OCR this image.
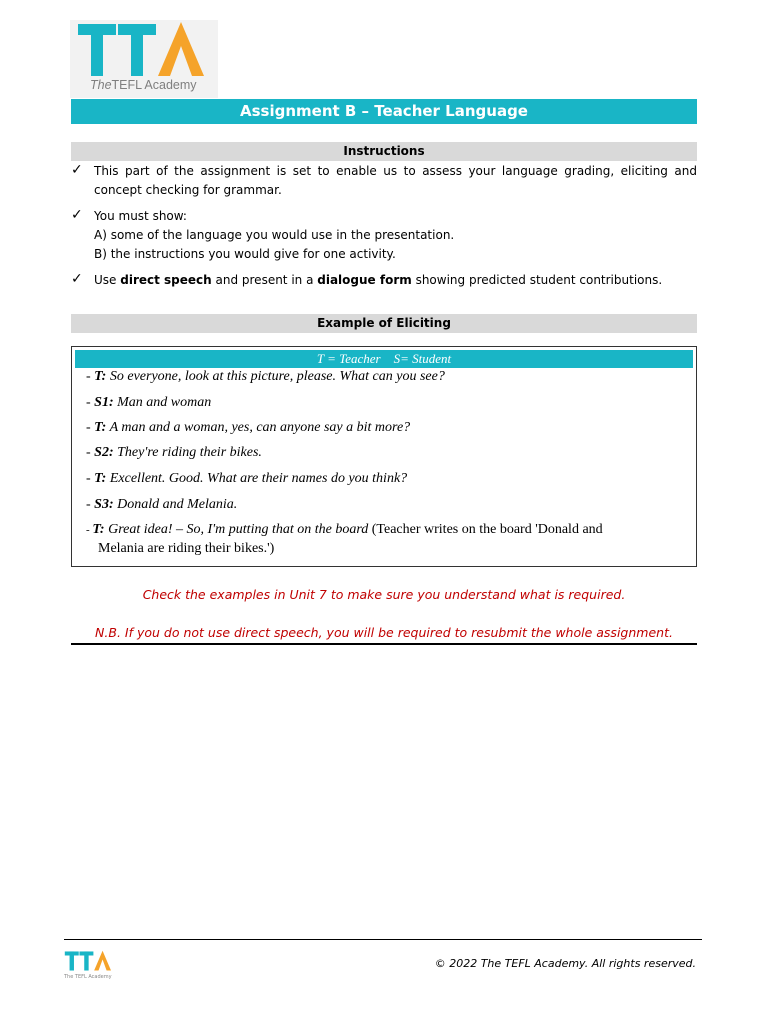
TheTEFL Academy
Assignment B – Teacher Language
Instructions
✓ This part of the assignment is set to enable us to assess your language grading, eliciting and concept checking for grammar.
✓ You must show:
A) some of the language you would use in the presentation.
B) the instructions you would give for one activity.
✓ Use direct speech and present in a dialogue form showing predicted student contributions.
Example of Eliciting
T = Teacher    S= Student
- T: So everyone, look at this picture, please. What can you see?
- S1: Man and woman
- T: A man and a woman, yes, can anyone say a bit more?
- S2: They're riding their bikes.
- T: Excellent. Good. What are their names do you think?
- S3: Donald and Melania.
- T: Great idea! – So, I'm putting that on the board (Teacher writes on the board 'Donald and
Melania are riding their bikes.')
Check the examples in Unit 7 to make sure you understand what is required.
N.B. If you do not use direct speech, you will be required to resubmit the whole assignment.
The TEFL Academy
© 2022 The TEFL Academy. All rights reserved.
